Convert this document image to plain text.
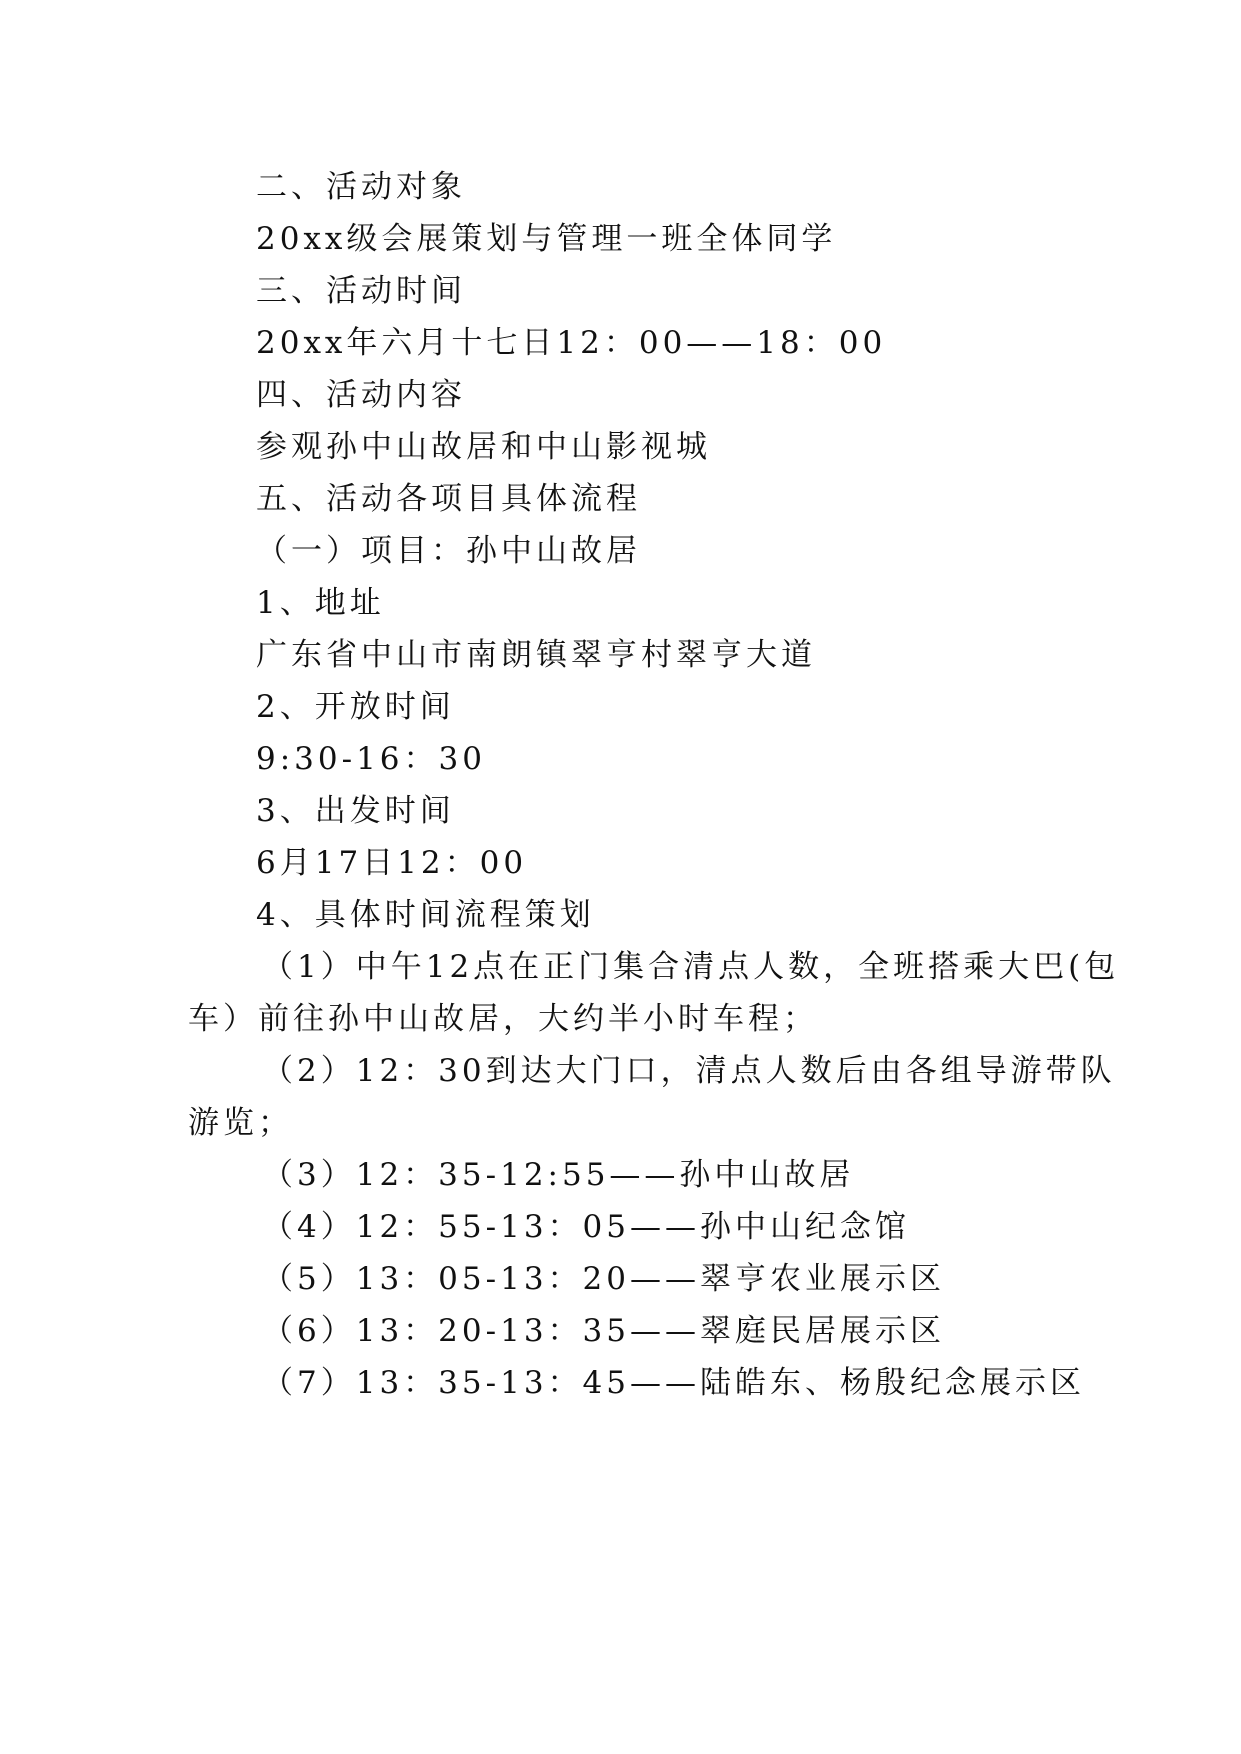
二、活动对象
20xx级会展策划与管理一班全体同学
三、活动时间
20xx年六月十七日12：00——18：00
四、活动内容
参观孙中山故居和中山影视城
五、活动各项目具体流程
（一）项目：孙中山故居
1、地址
广东省中山市南朗镇翠亨村翠亨大道
2、开放时间
9:30-16：30
3、出发时间
6月17日12：00
4、具体时间流程策划
（1）中午12点在正门集合清点人数，全班搭乘大巴(包
车）前往孙中山故居，大约半小时车程；
（2）12：30到达大门口，清点人数后由各组导游带队
游览；
（3）12：35-12:55——孙中山故居
（4）12：55-13：05——孙中山纪念馆
（5）13：05-13：20——翠亨农业展示区
（6）13：20-13：35——翠庭民居展示区
（7）13：35-13：45——陆皓东、杨殷纪念展示区
